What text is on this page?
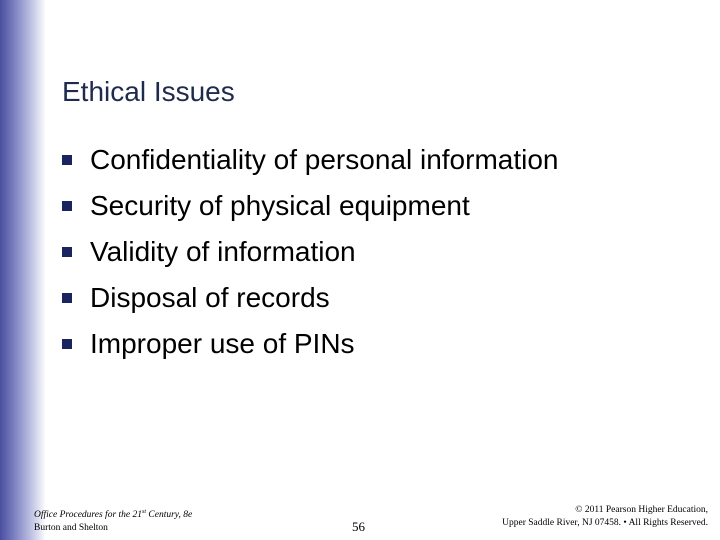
Ethical Issues
Confidentiality of personal information
Security of physical equipment
Validity of information
Disposal of records
Improper use of PINs
Office Procedures for the 21st Century, 8e
Burton and Shelton	56
© 2011 Pearson Higher Education,
Upper Saddle River, NJ 07458. • All Rights Reserved.
